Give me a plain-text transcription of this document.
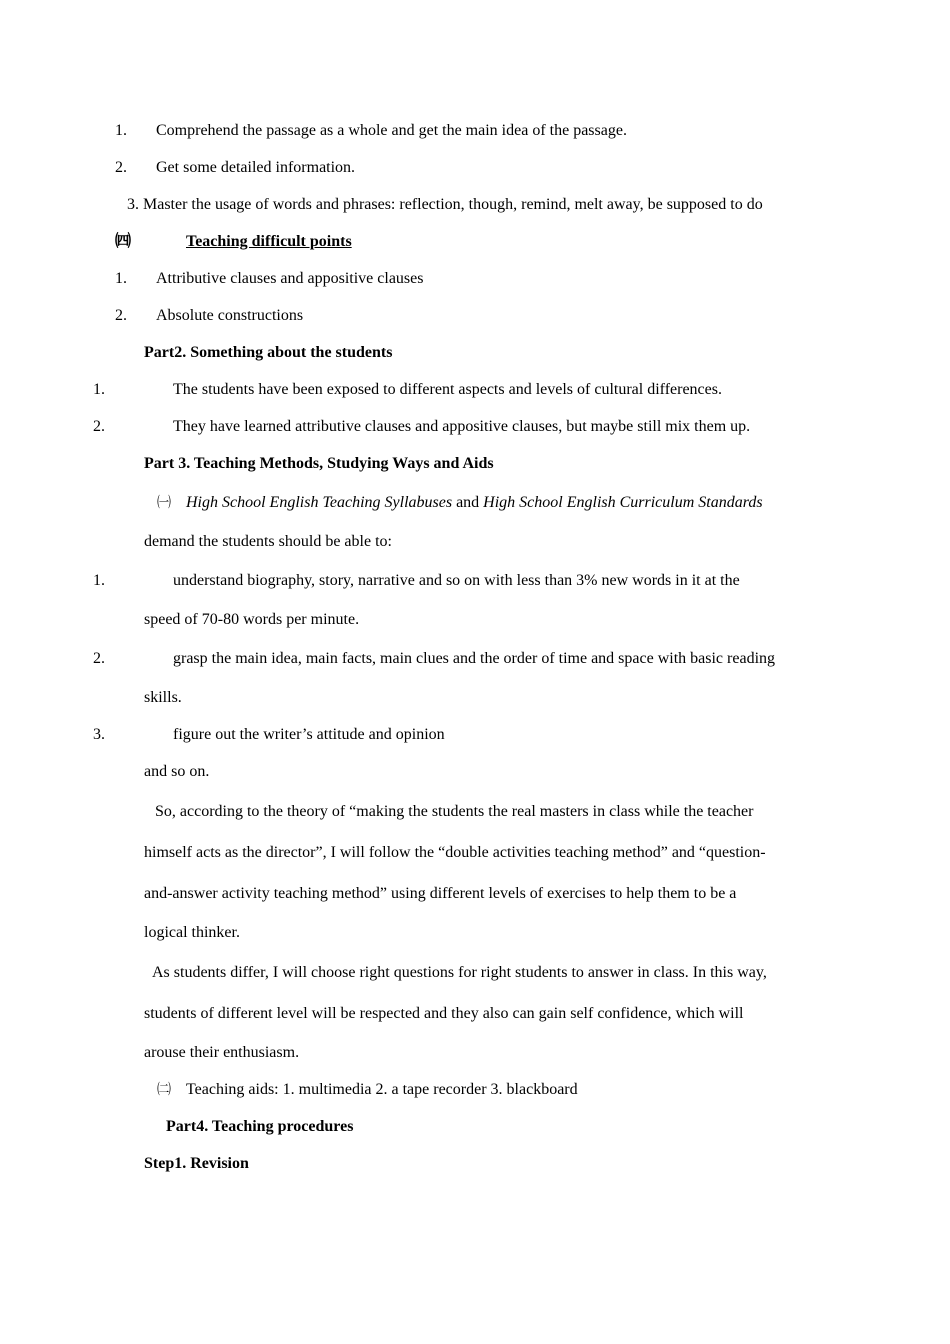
1. Comprehend the passage as a whole and get the main idea of the passage.
2. Get some detailed information.
3. Master the usage of words and phrases: reflection, though, remind, melt away, be supposed to do
㈣	Teaching difficult points
1. Attributive clauses and appositive clauses
2. Absolute constructions
Part2. Something about the students
1.	The students have been exposed to different aspects and levels of cultural differences.
2.	They have learned attributive clauses and appositive clauses, but maybe still mix them up.
Part 3. Teaching Methods, Studying Ways and Aids
㈠ High School English Teaching Syllabuses and High School English Curriculum Standards
demand the students should be able to:
1.	understand biography, story, narrative and so on with less than 3% new words in it at the
speed of 70-80 words per minute.
2.	grasp the main idea, main facts, main clues and the order of time and space with basic reading
skills.
3.	figure out the writer’s attitude and opinion
and so on.
So, according to the theory of “making the students the real masters in class while the teacher
himself acts as the director”, I will follow the “double activities teaching method” and “question-
and-answer activity teaching method” using different levels of exercises to help them to be a
logical thinker.
As students differ, I will choose right questions for right students to answer in class. In this way,
students of different level will be respected and they also can gain self confidence, which will
arouse their enthusiasm.
㈡ Teaching aids: 1. multimedia 2. a tape recorder 3. blackboard
Part4. Teaching procedures
Step1. Revision
